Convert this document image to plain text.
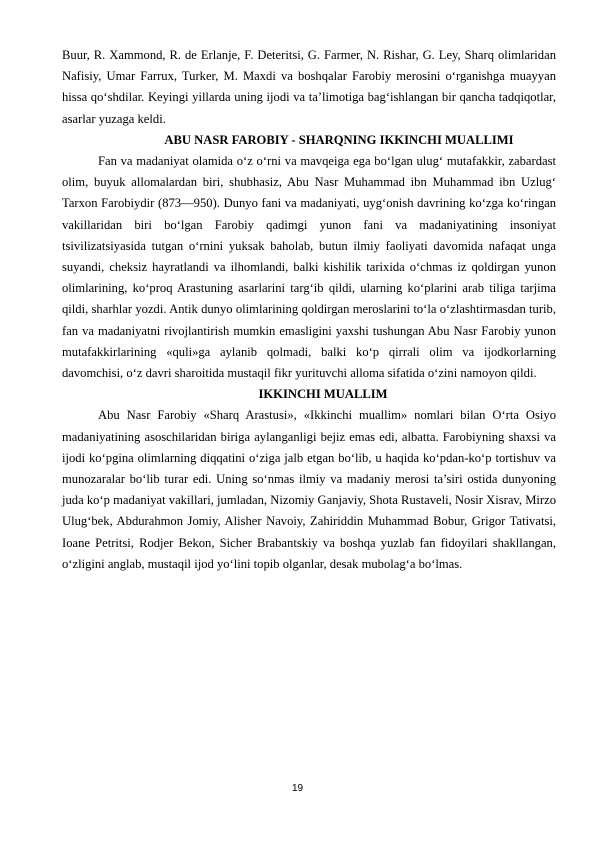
Buur, R. Xammond, R. de Erlanje, F. Deteritsi, G. Farmer, N. Rishar, G. Ley, Sharq olimlaridan Nafisiy, Umar Farrux, Turker, M. Maxdi va boshqalar Farobiy merosini o‘rganishga muayyan hissa qo‘shdilar. Keyingi yillarda uning ijodi va ta’limotiga bag‘ishlangan bir qancha tadqiqotlar, asarlar yuzaga keldi.

ABU NASR FAROBIY - SHARQNING IKKINCHI MUALLIMI

Fan va madaniyat olamida o‘z o‘rni va mavqeiga ega bo‘lgan ulug‘ mutafakkir, zabardast olim, buyuk allomalardan biri, shubhasiz, Abu Nasr Muhammad ibn Muhammad ibn Uzlug‘ Tarxon Farobiydir (873—950). Dunyo fani va madaniyati, uyg‘onish davrining ko‘zga ko‘ringan vakillaridan biri bo‘lgan Farobiy qadimgi yunon fani va madaniyatining insoniyat tsivilizatsiyasida tutgan o‘rnini yuksak baholab, butun ilmiy faoliyati davomida nafaqat unga suyandi, cheksiz hayratlandi va ilhomlandi, balki kishilik tarixida o‘chmas iz qoldirgan yunon olimlarining, ko‘proq Arastuning asarlarini targ‘ib qildi, ularning ko‘plarini arab tiliga tarjima qildi, sharhlar yozdi. Antik dunyo olimlarining qoldirgan meroslarini to‘la o‘zlashtirmasdan turib, fan va madaniyatni rivojlantirish mumkin emasligini yaxshi tushungan Abu Nasr Farobiy yunon mutafakkirlarining «quli»ga aylanib qolmadi, balki ko‘p qirrali olim va ijodkorlarning davomchisi, o‘z davri sharoitida mustaqil fikr yurituvchi alloma sifatida o‘zini namoyon qildi.

IKKINCHI MUALLIM

Abu Nasr Farobiy «Sharq Arastusi», «Ikkinchi muallim» nomlari bilan O‘rta Osiyo madaniyatining asoschilaridan biriga aylanganligi bejiz emas edi, albatta. Farobiyning shaxsi va ijodi ko‘pgina olimlarning diqqatini o‘ziga jalb etgan bo‘lib, u haqida ko‘pdan-ko‘p tortishuv va munozaralar bo‘lib turar edi. Uning so‘nmas ilmiy va madaniy merosi ta’siri ostida dunyoning juda ko‘p madaniyat vakillari, jumladan, Nizomiy Ganjaviy, Shota Rustaveli, Nosir Xisrav, Mirzo Ulug‘bek, Abdurahmon Jomiy, Alisher Navoiy, Zahiriddin Muhammad Bobur, Grigor Tativatsi, Ioane Petritsi, Rodjer Bekon, Sicher Brabantskiy va boshqa yuzlab fan fidoyilari shakllangan, o‘zligini anglab, mustaqil ijod yo‘lini topib olganlar, desak mubolag‘a bo‘lmas.

19
